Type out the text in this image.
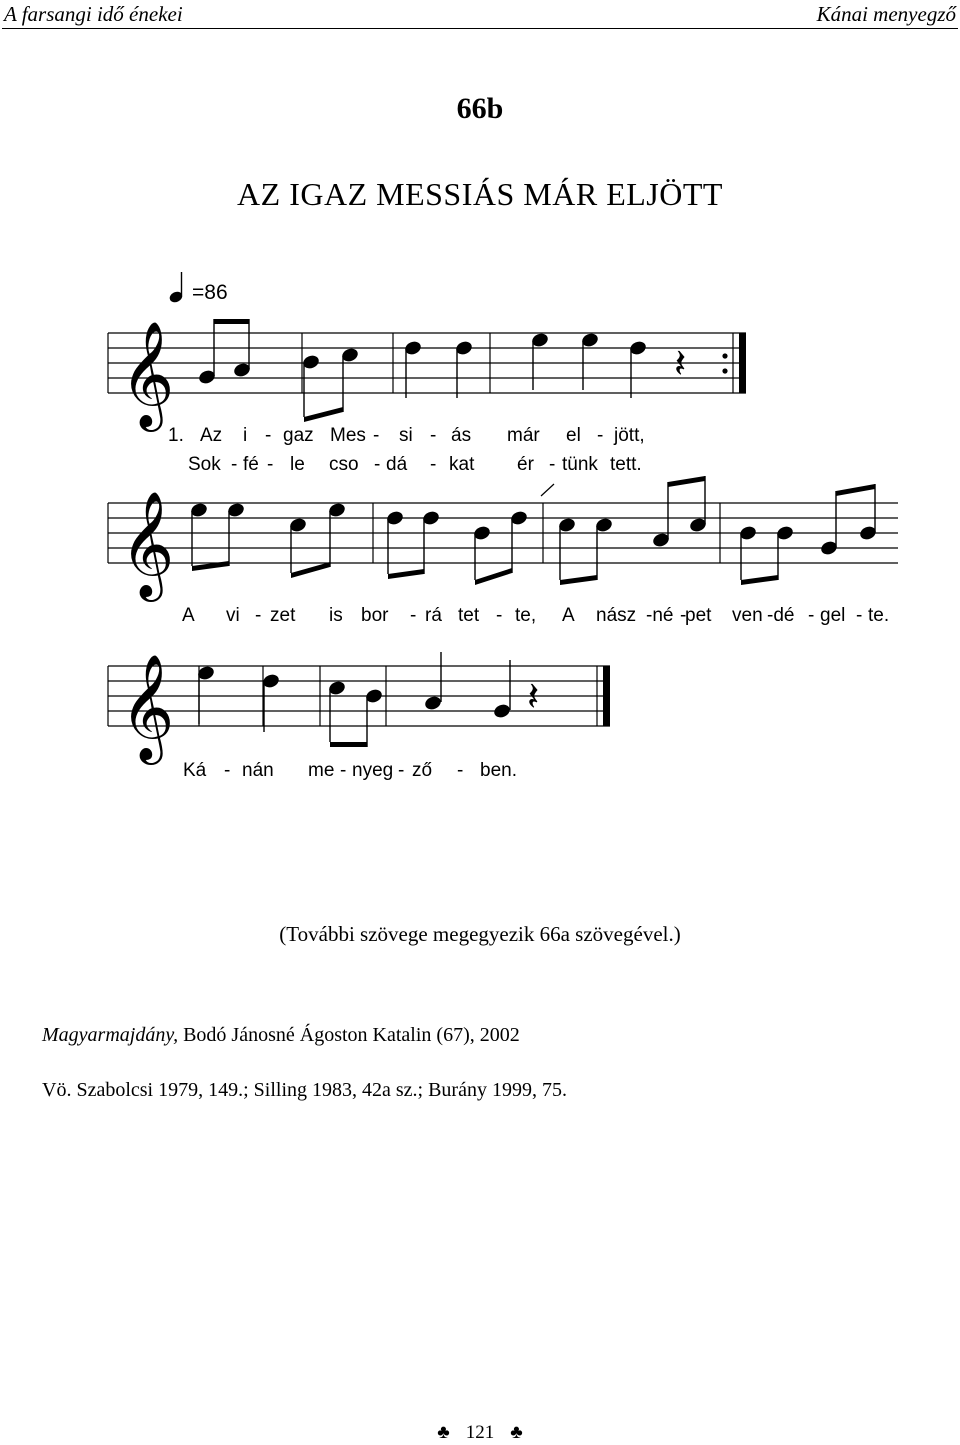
A farsangi idő énekei	Kánai menyegző
66b
AZ IGAZ MESSIÁS MÁR ELJÖTT
𝄞	𝄽
𝄞
𝄞	𝄽
=86
1. Az i - gaz Mes - si - ás már el - jött,
Sok - fé - le cso - dá - kat ér - tünk tett.
A vi - zet is bor - rá tet - te, A nász -né -
pet ven -dé - gel - te.
Ká - nán me - nyeg - ző - ben.
(További szövege megegyezik 66a szövegével.)
Magyarmajdány, Bodó Jánosné Ágoston Katalin (67), 2002
Vö. Szabolcsi 1979, 149.; Silling 1983, 42a sz.; Burány 1999, 75.
♣ 121 ♣
